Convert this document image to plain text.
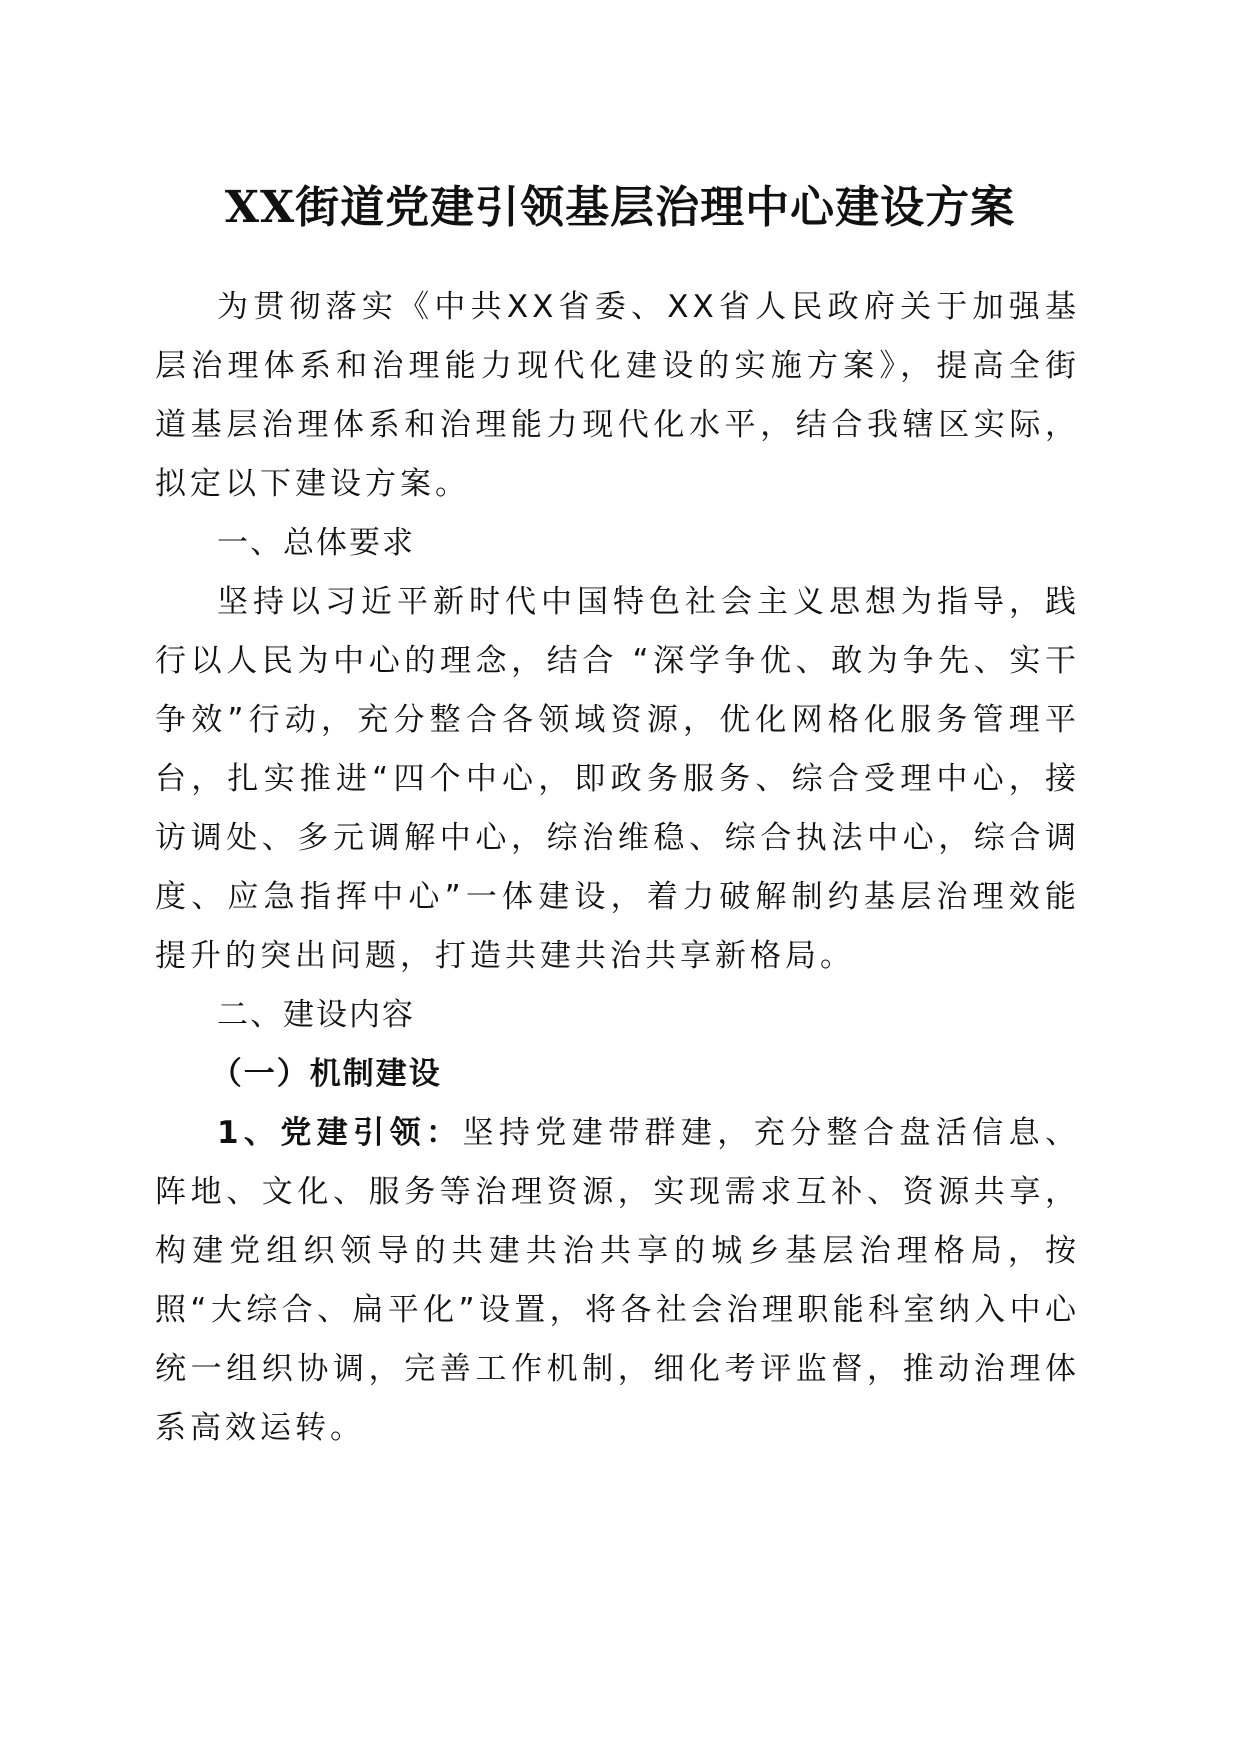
XX街道党建引领基层治理中心建设方案

为贯彻落实《中共XX省委、XX省人民政府关于加强基层治理体系和治理能力现代化建设的实施方案》，提高全街道基层治理体系和治理能力现代化水平，结合我辖区实际，拟定以下建设方案。

一、总体要求

坚持以习近平新时代中国特色社会主义思想为指导，践行以人民为中心的理念，结合 “深学争优、敢为争先、实干争效”行动，充分整合各领域资源，优化网格化服务管理平台，扎实推进“四个中心，即政务服务、综合受理中心，接访调处、多元调解中心，综治维稳、综合执法中心，综合调度、应急指挥中心”一体建设，着力破解制约基层治理效能提升的突出问题，打造共建共治共享新格局。

二、建设内容

（一）机制建设

1、党建引领：坚持党建带群建，充分整合盘活信息、阵地、文化、服务等治理资源，实现需求互补、资源共享，构建党组织领导的共建共治共享的城乡基层治理格局，按照“大综合、扁平化”设置，将各社会治理职能科室纳入中心统一组织协调，完善工作机制，细化考评监督，推动治理体系高效运转。
